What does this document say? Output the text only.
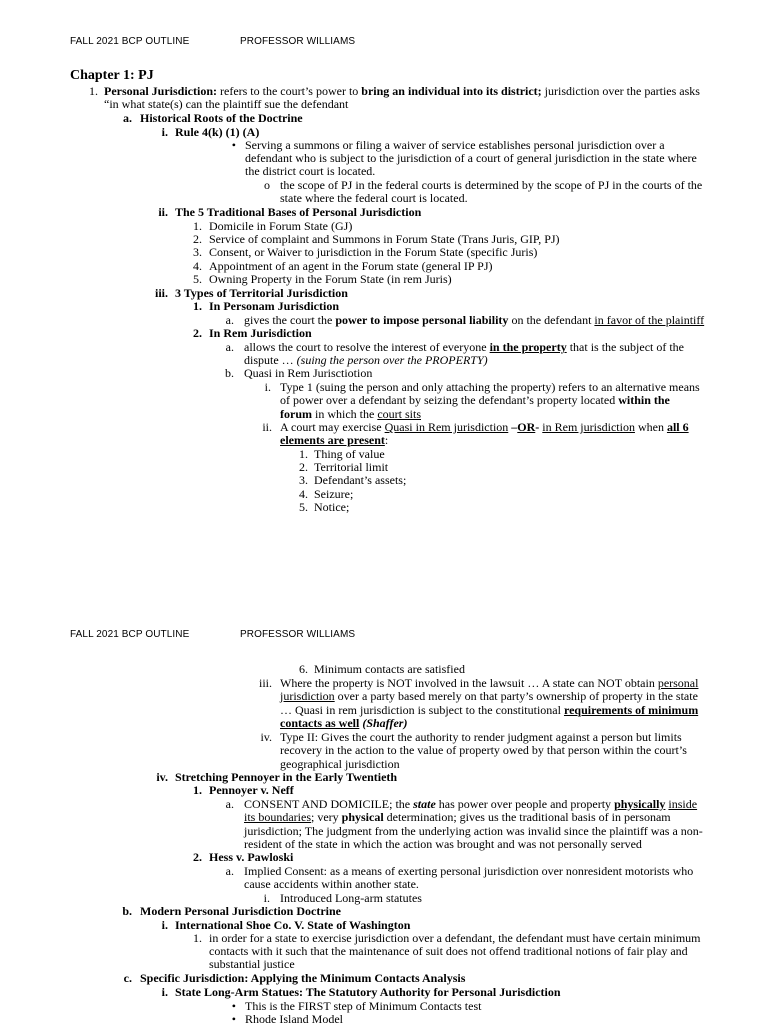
FALL 2021 BCP OUTLINE	PROFESSOR WILLIAMS
Chapter 1: PJ
1. Personal Jurisdiction: refers to the court’s power to bring an individual into its district; jurisdiction over the parties asks
“in what state(s) can the plaintiff sue the defendant
a. Historical Roots of the Doctrine
i. Rule 4(k) (1) (A)
• Serving a summons or filing a waiver of service establishes personal jurisdiction over a
defendant who is subject to the jurisdiction of a court of general jurisdiction in the state where
the district court is located.
o the scope of PJ in the federal courts is determined by the scope of PJ in the courts of the
state where the federal court is located.
ii. The 5 Traditional Bases of Personal Jurisdiction
1. Domicile in Forum State (GJ)
2. Service of complaint and Summons in Forum State (Trans Juris, GIP, PJ)
3. Consent, or Waiver to jurisdiction in the Forum State (specific Juris)
4. Appointment of an agent in the Forum state (general IP PJ)
5. Owning Property in the Forum State (in rem Juris)
iii. 3 Types of Territorial Jurisdiction
1. In Personam Jurisdiction
a. gives the court the power to impose personal liability on the defendant in favor of the plaintiff
2. In Rem Jurisdiction
a. allows the court to resolve the interest of everyone in the property that is the subject of the
dispute … (suing the person over the PROPERTY)
b. Quasi in Rem Jurisctiotion
i. Type 1 (suing the person and only attaching the property) refers to an alternative means
of power over a defendant by seizing the defendant’s property located within the
forum in which the court sits
ii. A court may exercise Quasi in Rem jurisdiction –OR- in Rem jurisdiction when all 6
elements are present:
1. Thing of value
2. Territorial limit
3. Defendant’s assets;
4. Seizure;
5. Notice;
FALL 2021 BCP OUTLINE	PROFESSOR WILLIAMS
6. Minimum contacts are satisfied
iii. Where the property is NOT involved in the lawsuit … A state can NOT obtain personal
jurisdiction over a party based merely on that party’s ownership of property in the state
… Quasi in rem jurisdiction is subject to the constitutional requirements of minimum
contacts as well (Shaffer)
iv. Type II: Gives the court the authority to render judgment against a person but limits
recovery in the action to the value of property owed by that person within the court’s
geographical jurisdiction
iv. Stretching Pennoyer in the Early Twentieth
1. Pennoyer v. Neff
a. CONSENT AND DOMICILE; the state has power over people and property physically inside
its boundaries; very physical determination; gives us the traditional basis of in personam
jurisdiction; The judgment from the underlying action was invalid since the plaintiff was a non-
resident of the state in which the action was brought and was not personally served
2. Hess v. Pawloski
a. Implied Consent: as a means of exerting personal jurisdiction over nonresident motorists who
cause accidents within another state.
i. Introduced Long-arm statutes
b. Modern Personal Jurisdiction Doctrine
i. International Shoe Co. V. State of Washington
1. in order for a state to exercise jurisdiction over a defendant, the defendant must have certain minimum
contacts with it such that the maintenance of suit does not offend traditional notions of fair play and
substantial justice
c. Specific Jurisdiction: Applying the Minimum Contacts Analysis
i. State Long-Arm Statues: The Statutory Authority for Personal Jurisdiction
• This is the FIRST step of Minimum Contacts test
• Rhode Island Model
